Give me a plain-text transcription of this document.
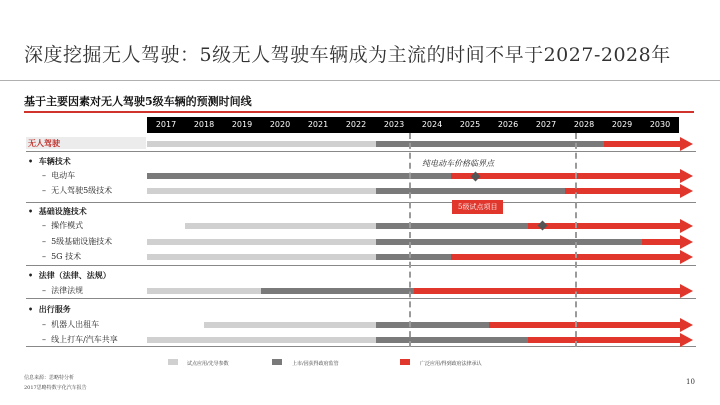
深度挖掘无人驾驶：5级无人驾驶车辆成为主流的时间不早于2027-2028年
基于主要因素对无人驾驶5级车辆的预测时间线
2017	2018	2019	2020	2021	2022	2023	2024	2025	2026	2027	2028	2029	2030
无人驾驶
• 车辆技术
– 电动车
– 无人驾驶5级技术
• 基础设施技术
– 操作模式
– 5级基础设施技术
– 5G 技术
• 法律（法律、法规）
– 法律法规
• 出行服务
– 机器人出租车
– 线上打车/汽车共享
纯电动车价格临界点
5级试点项目
试点应用/先导参数	上市/因获得政府监管	广泛应用/得到政府法律承认
信息来源：思略特分析
2017思略特数字化汽车报告
10
